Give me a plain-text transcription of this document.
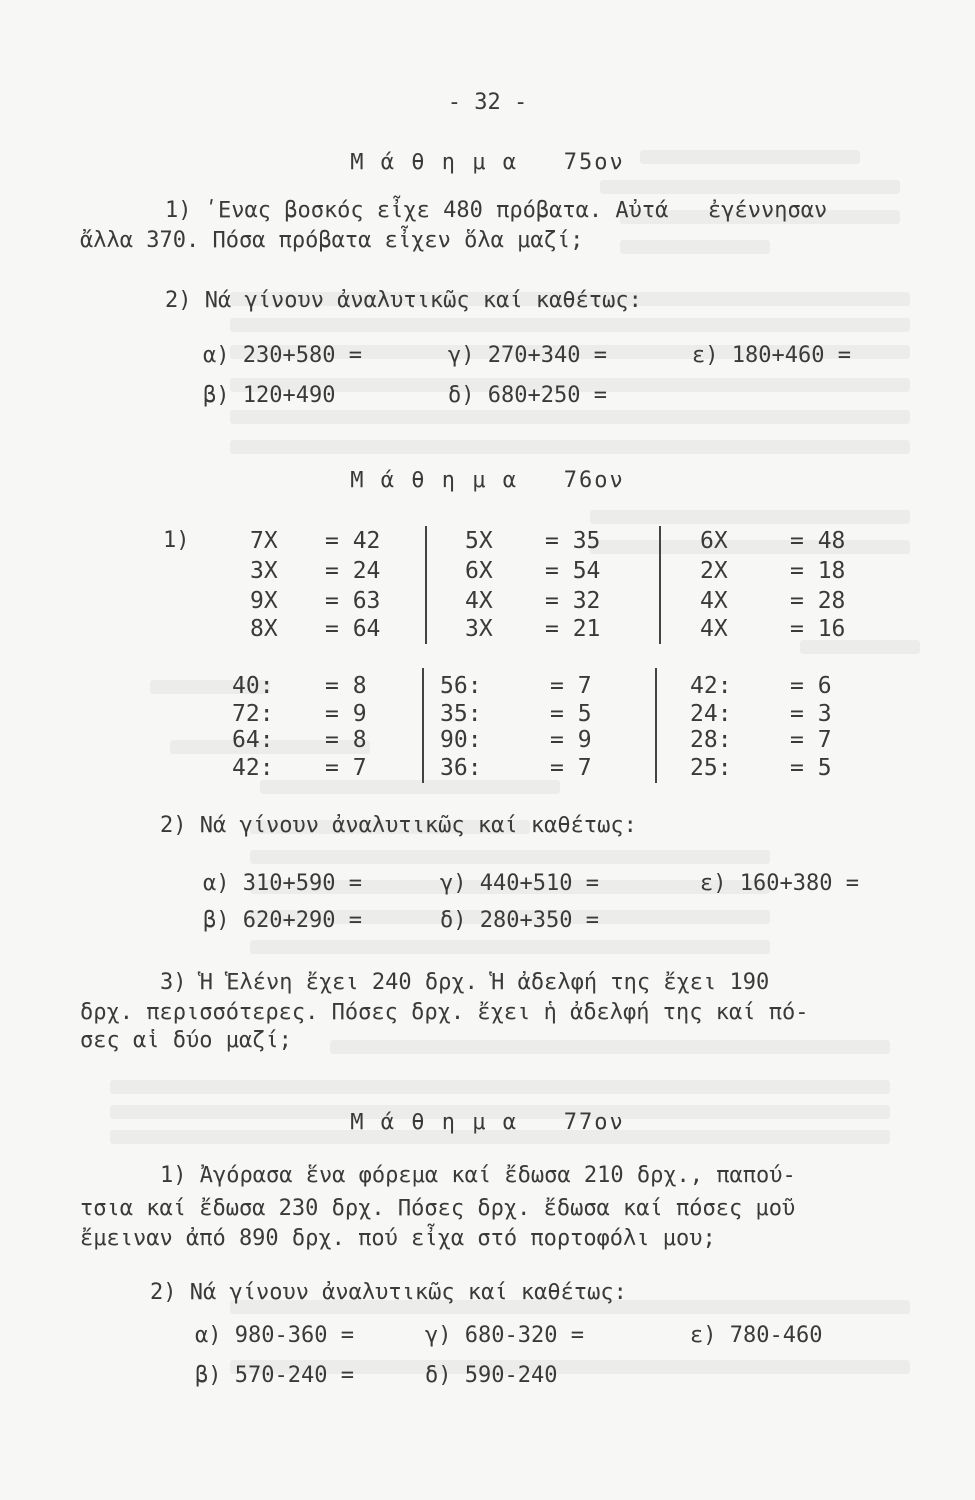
- 32 -
Μ ά θ η μ α   75ον
1) ʹΕνας βοσκός εἶχε 480 πρόβατα. Αὐτά   ἐγέννησαν
ἄλλα 370. Πόσα πρόβατα εἶχεν ὅλα μαζί;
2) Νά γίνουν ἀναλυτικῶς καί καθέτως:
α) 230+580 =	γ) 270+340 =	ε) 180+460 =
β) 120+490	δ) 680+250 =
Μ ά θ η μ α   76ον
1)	7Χ = 42	5Χ = 35	6Χ	= 48
3Χ = 24	6Χ = 54	2Χ	= 18
9Χ = 63	4Χ = 32	4Χ	= 28
8Χ = 64	3Χ = 21	4Χ	= 16
40: = 8	56:	= 7	42:	= 6
72: = 9	35:	= 5	24:	= 3
64: = 8	90:	= 9	28:	= 7
42: = 7	36:	= 7	25:	= 5
2) Νά γίνουν ἀναλυτικῶς καί καθέτως:
α) 310+590 =	γ) 440+510 =	ε) 160+380 =
β) 620+290 =	δ) 280+350 =
3) Ἡ Ἑλένη ἔχει 240 δρχ. Ἡ ἀδελφή της ἔχει 190
δρχ. περισσότερες. Πόσες δρχ. ἔχει ἡ ἀδελφή της καί πό-
σες αἱ δύο μαζί;
Μ ά θ η μ α   77ον
1) Ἀγόρασα ἕνα φόρεμα καί ἔδωσα 210 δρχ., παπού-
τσια καί ἔδωσα 230 δρχ. Πόσες δρχ. ἔδωσα καί πόσες μοῦ
ἔμειναν ἀπό 890 δρχ. πού εἶχα στό πορτοφόλι μου;
2) Νά γίνουν ἀναλυτικῶς καί καθέτως:
α) 980-360 =	γ) 680-320 =	ε) 780-460
β) 570-240 =	δ) 590-240
